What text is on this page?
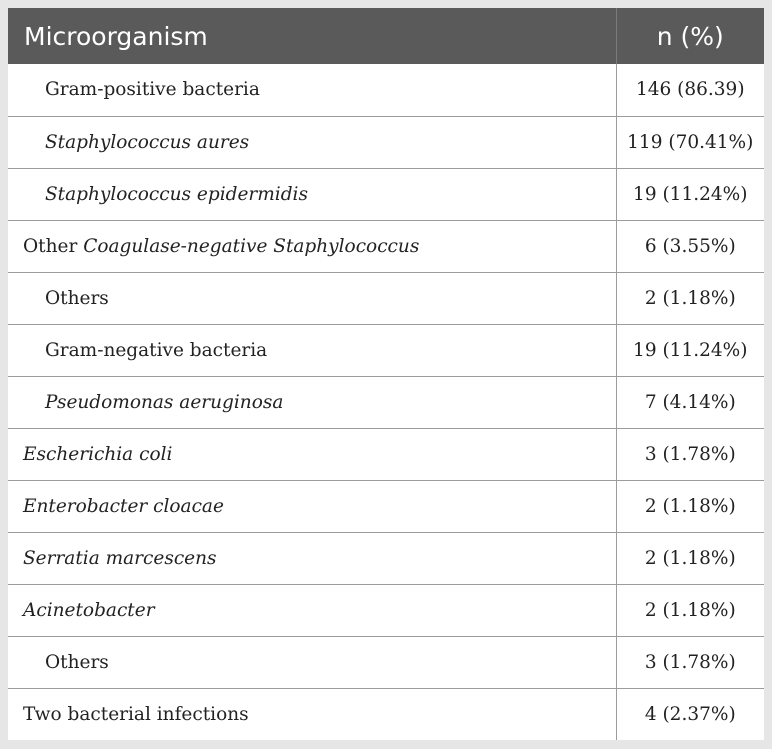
Microorganism	n (%)
Gram-positive bacteria	146 (86.39)
Staphylococcus aures	119 (70.41%)
Staphylococcus epidermidis	19 (11.24%)
Other Coagulase-negative Staphylococcus	6 (3.55%)
Others	2 (1.18%)
Gram-negative bacteria	19 (11.24%)
Pseudomonas aeruginosa	7 (4.14%)
Escherichia coli	3 (1.78%)
Enterobacter cloacae	2 (1.18%)
Serratia marcescens	2 (1.18%)
Acinetobacter	2 (1.18%)
Others	3 (1.78%)
Two bacterial infections	4 (2.37%)
